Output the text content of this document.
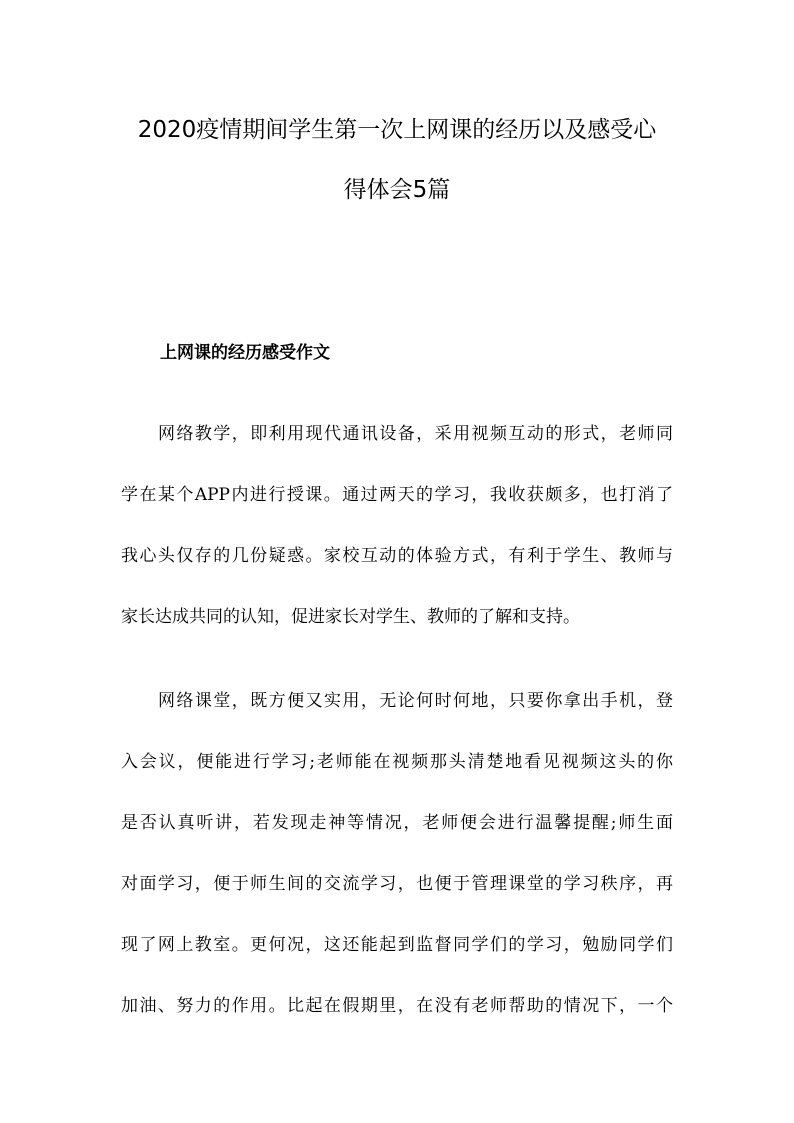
2020疫情期间学生第一次上网课的经历以及感受心
得体会5篇
上网课的经历感受作文
网络教学，即利用现代通讯设备，采用视频互动的形式，老师同
学在某个APP内进行授课。通过两天的学习，我收获颇多，也打消了
我心头仅存的几份疑惑。家校互动的体验方式，有利于学生、教师与
家长达成共同的认知，促进家长对学生、教师的了解和支持。
网络课堂，既方便又实用，无论何时何地，只要你拿出手机，登
入会议，便能进行学习;老师能在视频那头清楚地看见视频这头的你
是否认真听讲，若发现走神等情况，老师便会进行温馨提醒;师生面
对面学习，便于师生间的交流学习，也便于管理课堂的学习秩序，再
现了网上教室。更何况，这还能起到监督同学们的学习，勉励同学们
加油、努力的作用。比起在假期里，在没有老师帮助的情况下，一个
